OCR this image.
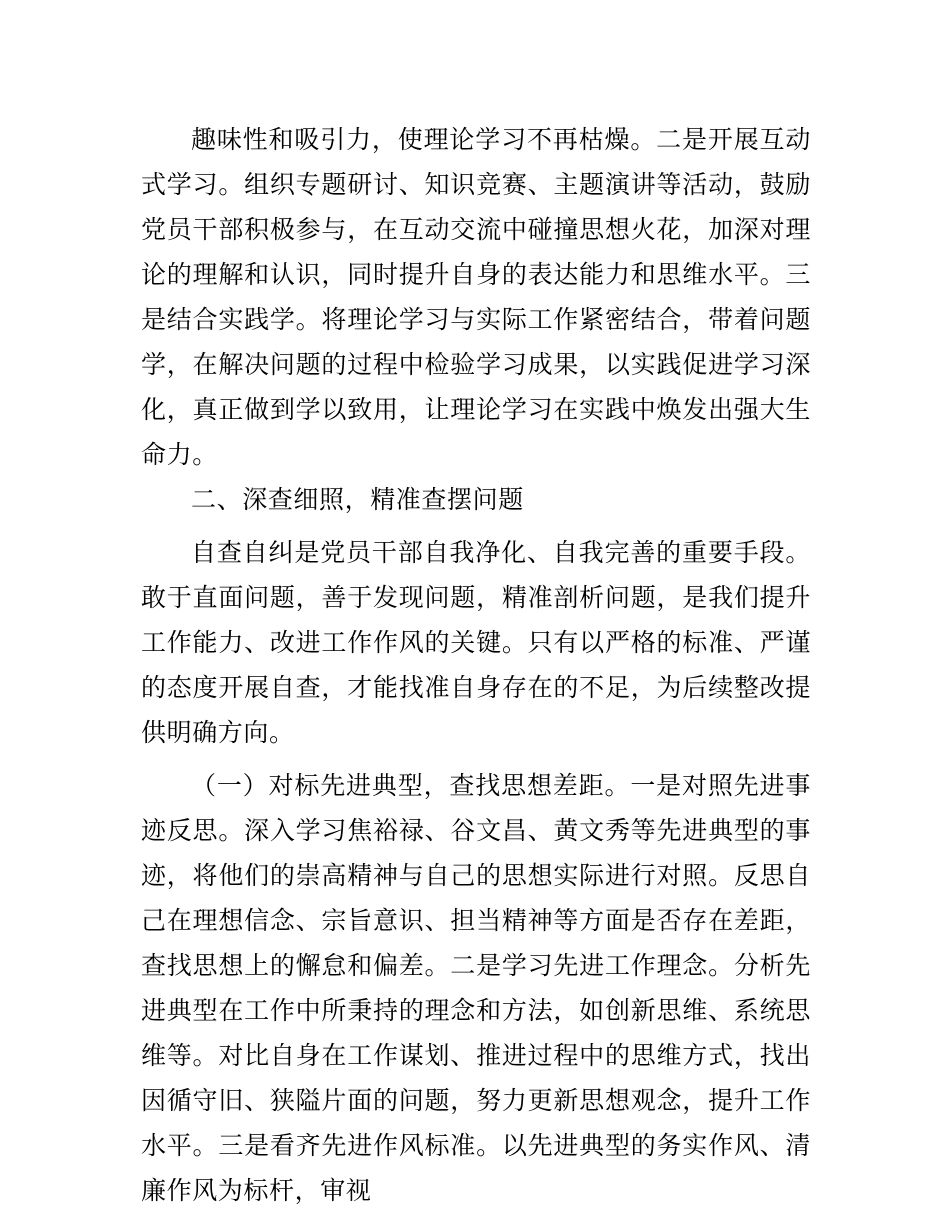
趣味性和吸引力，使理论学习不再枯燥。二是开展互动式学习。组织专题研讨、知识竞赛、主题演讲等活动，鼓励党员干部积极参与，在互动交流中碰撞思想火花，加深对理论的理解和认识，同时提升自身的表达能力和思维水平。三是结合实践学。将理论学习与实际工作紧密结合，带着问题学，在解决问题的过程中检验学习成果，以实践促进学习深化，真正做到学以致用，让理论学习在实践中焕发出强大生命力。

二、深查细照，精准查摆问题

自查自纠是党员干部自我净化、自我完善的重要手段。敢于直面问题，善于发现问题，精准剖析问题，是我们提升工作能力、改进工作作风的关键。只有以严格的标准、严谨的态度开展自查，才能找准自身存在的不足，为后续整改提供明确方向。

（一）对标先进典型，查找思想差距。一是对照先进事迹反思。深入学习焦裕禄、谷文昌、黄文秀等先进典型的事迹，将他们的崇高精神与自己的思想实际进行对照。反思自己在理想信念、宗旨意识、担当精神等方面是否存在差距，查找思想上的懈怠和偏差。二是学习先进工作理念。分析先进典型在工作中所秉持的理念和方法，如创新思维、系统思维等。对比自身在工作谋划、推进过程中的思维方式，找出因循守旧、狭隘片面的问题，努力更新思想观念，提升工作水平。三是看齐先进作风标准。以先进典型的务实作风、清廉作风为标杆，审视
